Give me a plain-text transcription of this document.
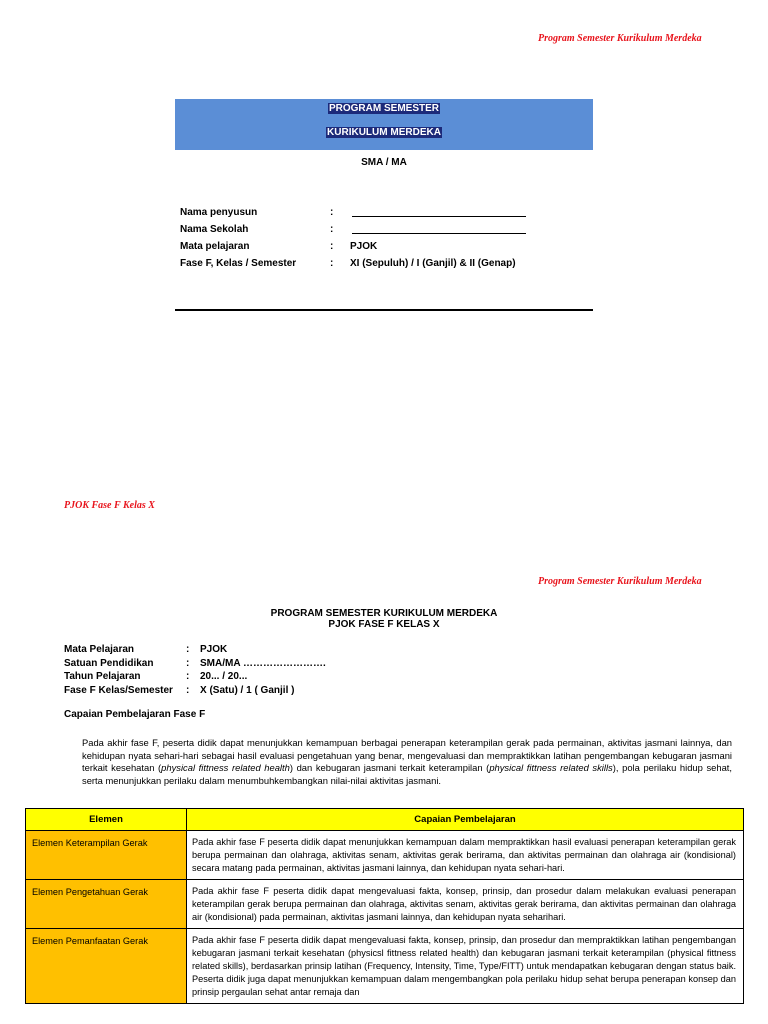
Program Semester Kurikulum Merdeka
PROGRAM SEMESTER
KURIKULUM MERDEKA
SMA / MA
Nama penyusun	:
Nama Sekolah	:
Mata pelajaran	:	PJOK
Fase F, Kelas / Semester	:	XI (Sepuluh) / I (Ganjil) & II (Genap)
PJOK Fase F Kelas X
Program Semester Kurikulum Merdeka
PROGRAM SEMESTER KURIKULUM MERDEKA
PJOK FASE F KELAS X
Mata Pelajaran	:	PJOK
Satuan Pendidikan	:	SMA/MA …………………….
Tahun Pelajaran	:	20... / 20...
Fase F Kelas/Semester	:	X (Satu) / 1 ( Ganjil )
Capaian Pembelajaran Fase F
Pada akhir fase F, peserta didik dapat menunjukkan kemampuan berbagai penerapan keterampilan gerak pada permainan, aktivitas jasmani lainnya, dan kehidupan nyata sehari-hari sebagai hasil evaluasi pengetahuan yang benar, mengevaluasi dan mempraktikkan latihan pengembangan kebugaran jasmani terkait kesehatan (physical fittness related health) dan kebugaran jasmani terkait keterampilan (physical fittness related skills), pola perilaku hidup sehat, serta menunjukkan perilaku dalam menumbuhkembangkan nilai-nilai aktivitas jasmani.
Elemen	Capaian Pembelajaran
Elemen Keterampilan Gerak	Pada akhir fase F peserta didik dapat menunjukkan kemampuan dalam mempraktikkan hasil evaluasi penerapan keterampilan gerak berupa permainan dan olahraga, aktivitas senam, aktivitas gerak berirama, dan aktivitas permainan dan olahraga air (kondisional) secara matang pada permainan, aktivitas jasmani lainnya, dan kehidupan nyata sehari-hari.
Elemen Pengetahuan Gerak	Pada akhir fase F peserta didik dapat mengevaluasi fakta, konsep, prinsip, dan prosedur dalam melakukan evaluasi penerapan keterampilan gerak berupa permainan dan olahraga, aktivitas senam, aktivitas gerak berirama, dan aktivitas permainan dan olahraga air (kondisional) pada permainan, aktivitas jasmani lainnya, dan kehidupan nyata seharihari.
Elemen Pemanfaatan Gerak	Pada akhir fase F peserta didik dapat mengevaluasi fakta, konsep, prinsip, dan prosedur dan mempraktikkan latihan pengembangan kebugaran jasmani terkait kesehatan (physicsl fittness related health) dan kebugaran jasmani terkait keterampilan (physical fittness related skills), berdasarkan prinsip latihan (Frequency, Intensity, Time, Type/FITT) untuk mendapatkan kebugaran dengan status baik. Peserta didik juga dapat menunjukkan kemampuan dalam mengembangkan pola perilaku hidup sehat berupa penerapan konsep dan prinsip pergaulan sehat antar remaja dan
